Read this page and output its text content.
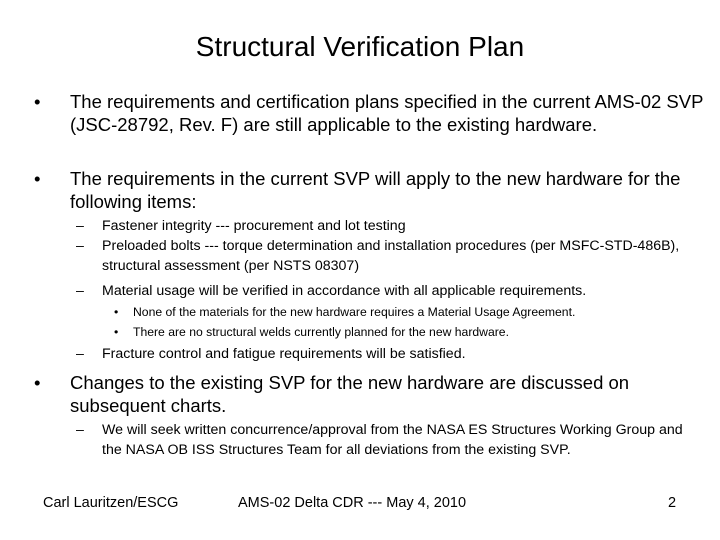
Structural Verification Plan
• The requirements and certification plans specified in the current AMS-02 SVP (JSC-28792, Rev. F) are still applicable to the existing hardware.
• The requirements in the current SVP will apply to the new hardware for the following items:
– Fastener integrity --- procurement and lot testing
– Preloaded bolts --- torque determination and installation procedures (per MSFC-STD-486B), structural assessment (per NSTS 08307)
– Material usage will be verified in accordance with all applicable requirements.
• None of the materials for the new hardware requires a Material Usage Agreement.
• There are no structural welds currently planned for the new hardware.
– Fracture control and fatigue requirements will be satisfied.
• Changes to the existing SVP for the new hardware are discussed on subsequent charts.
– We will seek written concurrence/approval from the NASA ES Structures Working Group and the NASA OB ISS Structures Team for all deviations from the existing SVP.
Carl Lauritzen/ESCG	AMS-02 Delta CDR --- May 4, 2010	2
